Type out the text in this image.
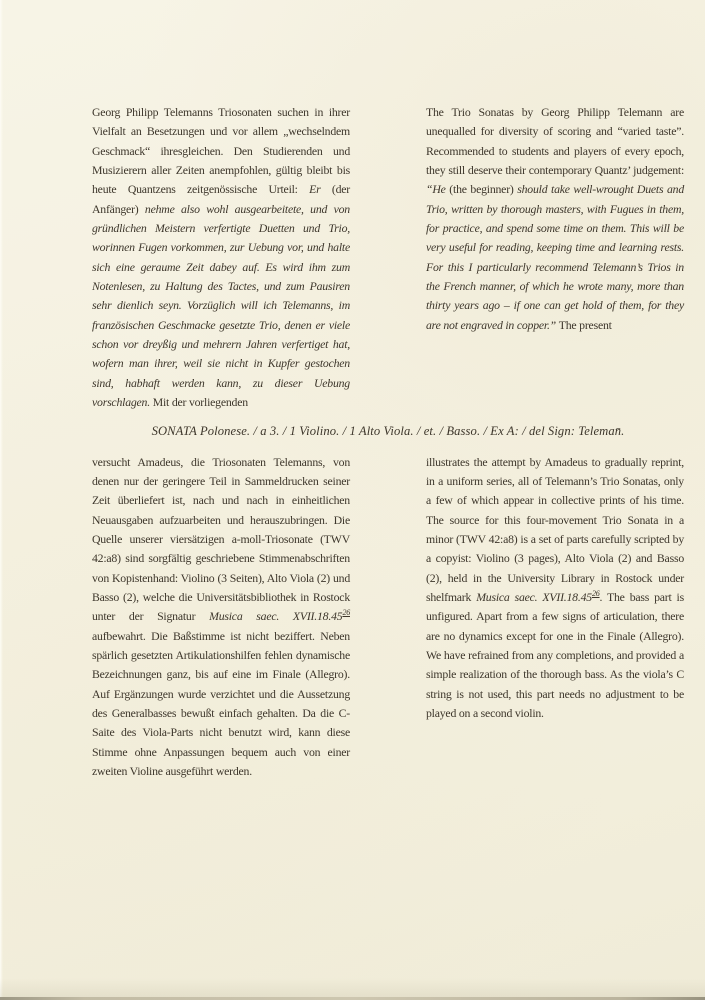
Georg Philipp Telemanns Triosonaten suchen in ihrer Vielfalt an Besetzungen und vor allem „wechselndem Geschmack“ ihresgleichen. Den Studierenden und Musizierern aller Zeiten anempfohlen, gültig bleibt bis heute Quantzens zeitgenössische Urteil: Er (der Anfänger) nehme also wohl ausgearbeitete, und von gründlichen Meistern verfertigte Duetten und Trio, worinnen Fugen vorkommen, zur Uebung vor, und halte sich eine geraume Zeit dabey auf. Es wird ihm zum Notenlesen, zu Haltung des Tactes, und zum Pausiren sehr dienlich seyn. Vorzüglich will ich Telemanns, im französischen Geschmacke gesetzte Trio, denen er viele schon vor dreyßig und mehrern Jahren verfertiget hat, wofern man ihrer, weil sie nicht in Kupfer gestochen sind, habhaft werden kann, zu dieser Uebung vorschlagen. Mit der vorliegenden

The Trio Sonatas by Georg Philipp Telemann are unequalled for diversity of scoring and “varied taste”. Recommended to students and players of every epoch, they still deserve their contemporary Quantz’ judgement: “He (the beginner) should take well-wrought Duets and Trio, written by thorough masters, with Fugues in them, for practice, and spend some time on them. This will be very useful for reading, keeping time and learning rests. For this I particularly recommend Telemann’s Trios in the French manner, of which he wrote many, more than thirty years ago – if one can get hold of them, for they are not engraved in copper.” The present

SONATA Polonese. / a 3. / 1 Violino. / 1 Alto Viola. / et. / Basso. / Ex A: / del Sign: Teleman̄.

versucht Amadeus, die Triosonaten Telemanns, von denen nur der geringere Teil in Sammeldrucken seiner Zeit überliefert ist, nach und nach in einheitlichen Neuausgaben aufzuarbeiten und herauszubringen. Die Quelle unserer viersätzigen a-moll-Triosonate (TWV 42:a8) sind sorgfältig geschriebene Stimmenabschriften von Kopistenhand: Violino (3 Seiten), Alto Viola (2) und Basso (2), welche die Universitätsbibliothek in Rostock unter der Signatur Musica saec. XVII.18.45$^{26}$ aufbewahrt. Die Baßstimme ist nicht beziffert. Neben spärlich gesetzten Artikulationshilfen fehlen dynamische Bezeichnungen ganz, bis auf eine im Finale (Allegro). Auf Ergänzungen wurde verzichtet und die Aussetzung des Generalbasses bewußt einfach gehalten. Da die C-Saite des Viola-Parts nicht benutzt wird, kann diese Stimme ohne Anpassungen bequem auch von einer zweiten Violine ausgeführt werden.

illustrates the attempt by Amadeus to gradually reprint, in a uniform series, all of Telemann’s Trio Sonatas, only a few of which appear in collective prints of his time. The source for this four-movement Trio Sonata in a minor (TWV 42:a8) is a set of parts carefully scripted by a copyist: Violino (3 pages), Alto Viola (2) and Basso (2), held in the University Library in Rostock under shelfmark Musica saec. XVII.18.45$^{26}$. The bass part is unfigured. Apart from a few signs of articulation, there are no dynamics except for one in the Finale (Allegro). We have refrained from any completions, and provided a simple realization of the thorough bass. As the viola’s C string is not used, this part needs no adjustment to be played on a second violin.
